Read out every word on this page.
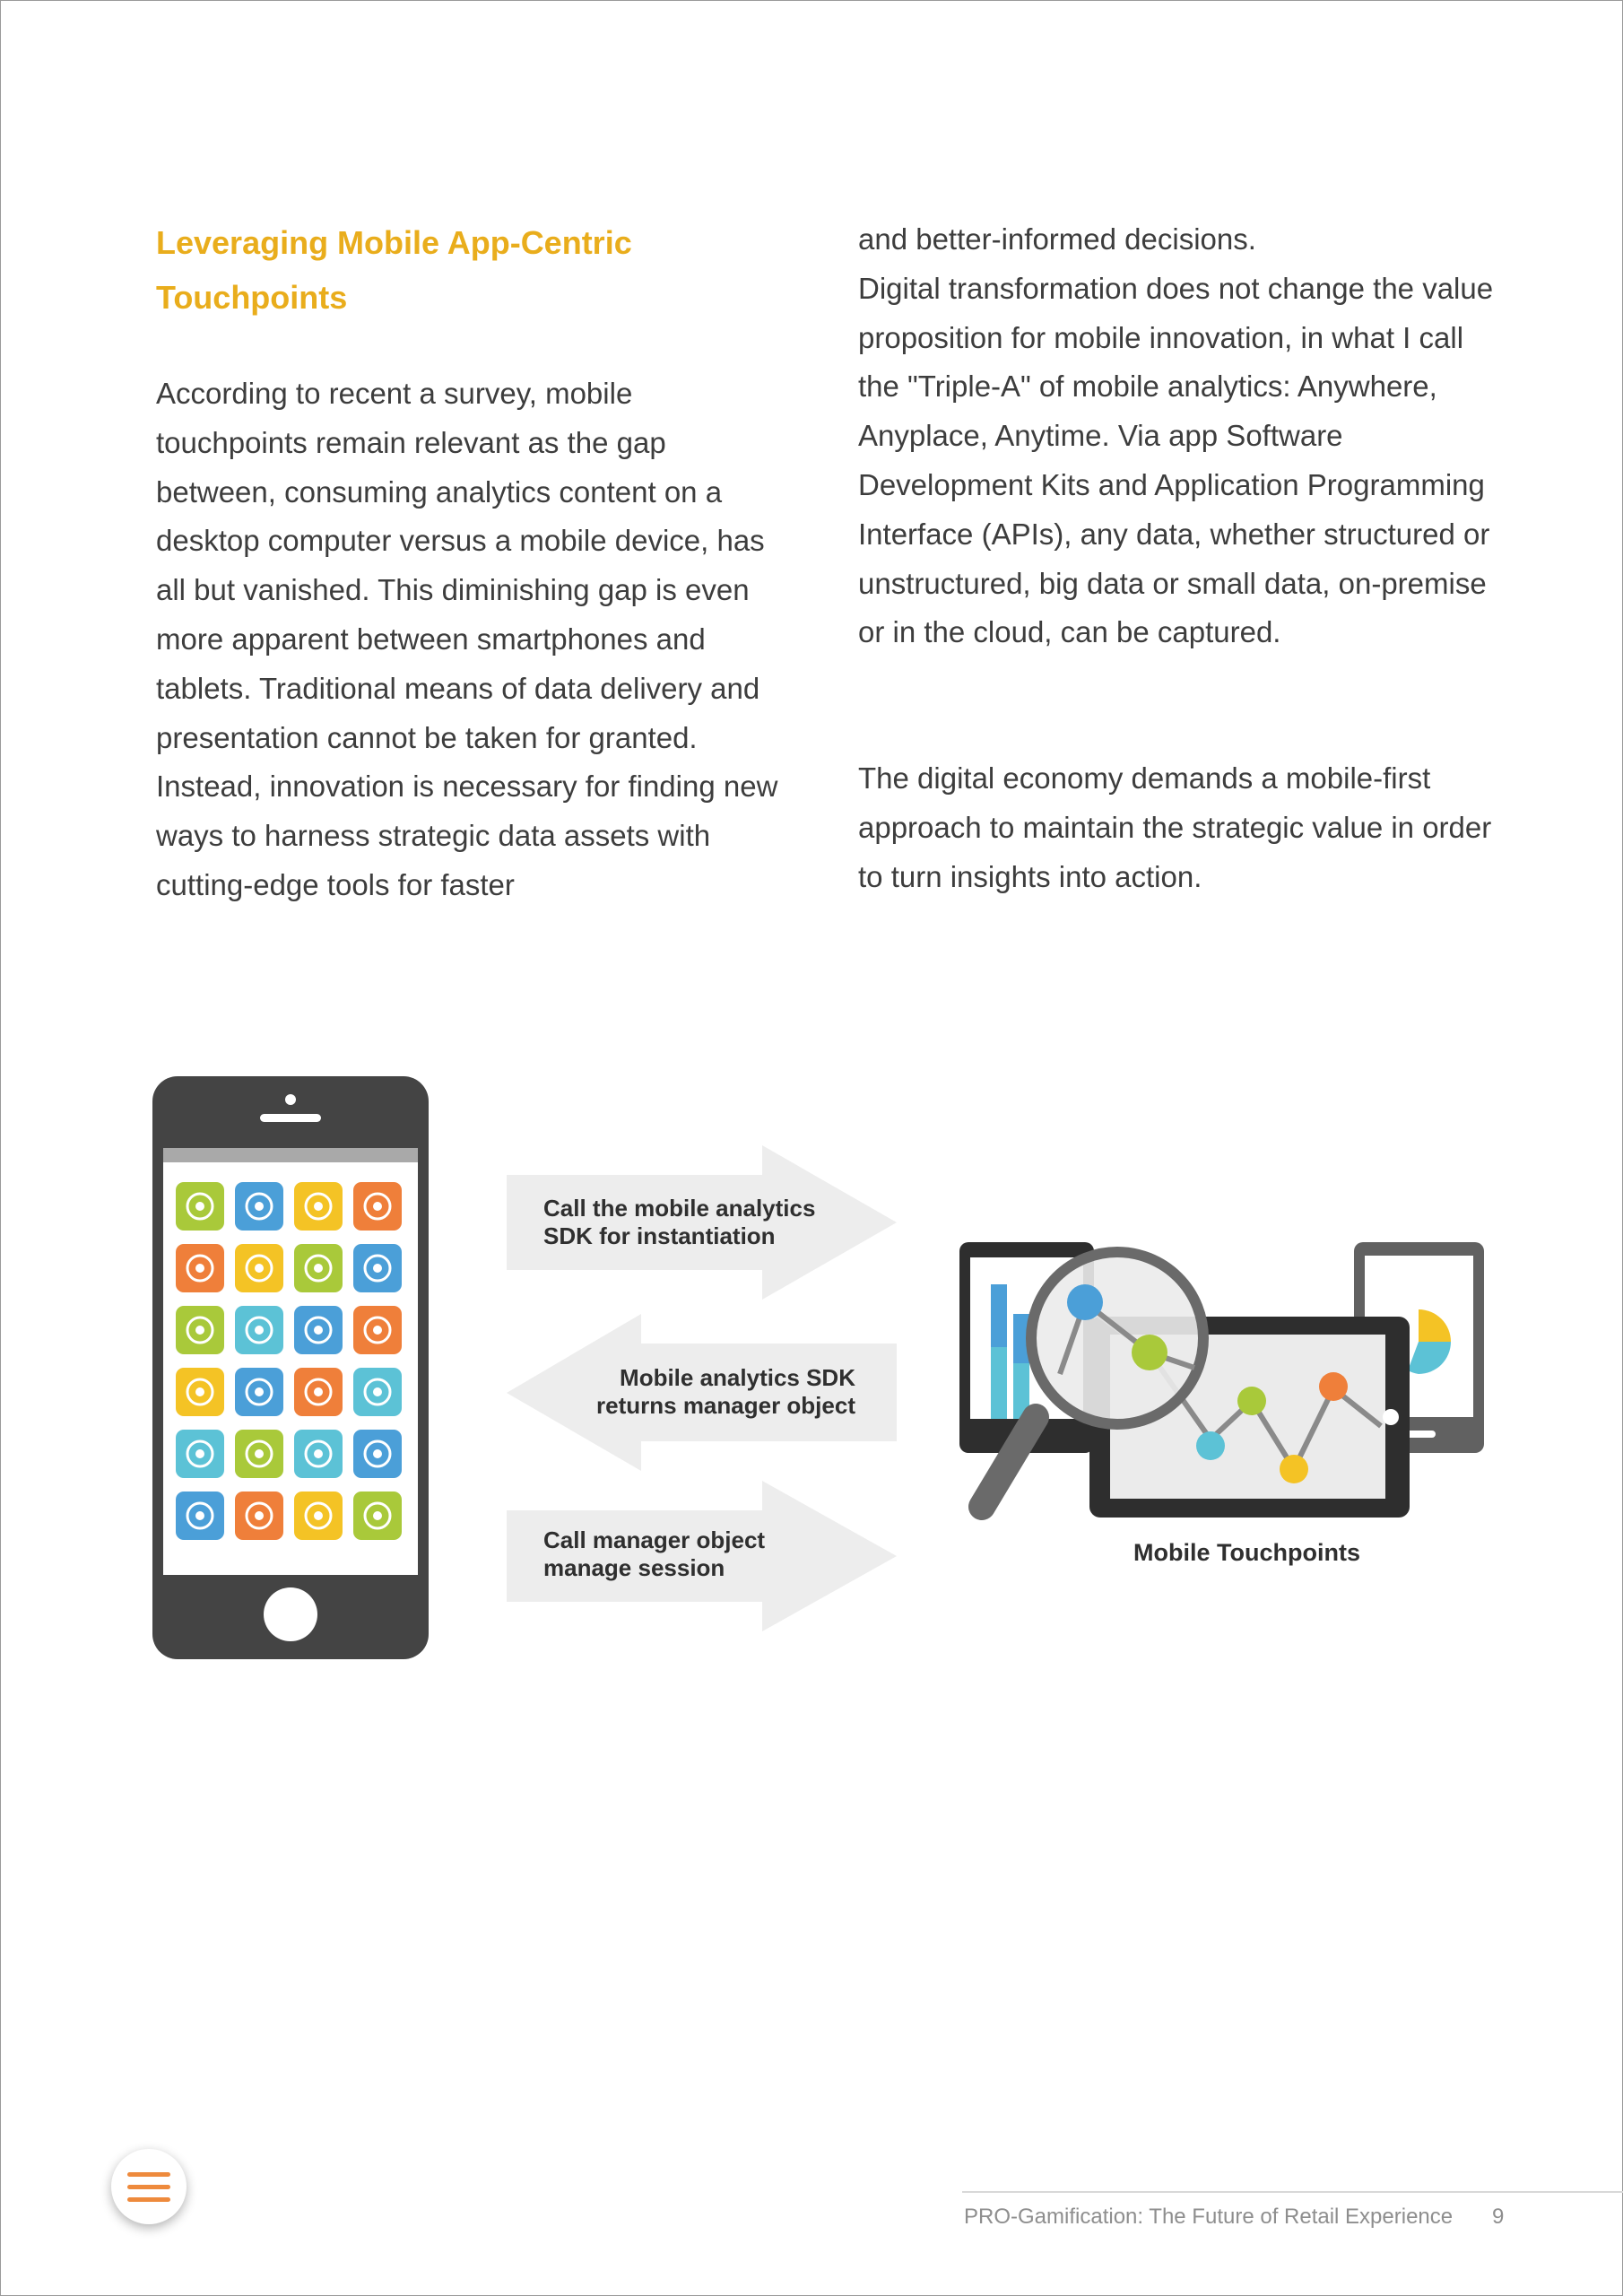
Leveraging Mobile App-Centric Touchpoints

According to recent a survey, mobile touchpoints remain relevant as the gap between, consuming analytics content on a desktop computer versus a mobile device, has all but vanished. This diminishing gap is even more apparent between smartphones and tablets. Traditional means of data delivery and presentation cannot be taken for granted. Instead, innovation is necessary for finding new ways to harness strategic data assets with cutting-edge tools for faster

and better-informed decisions.
Digital transformation does not change the value proposition for mobile innovation, in what I call the "Triple-A" of mobile analytics: Anywhere, Anyplace, Anytime. Via app Software Development Kits and Application Programming Interface (APIs), any data, whether structured or unstructured, big data or small data, on-premise or in the cloud, can be captured.

The digital economy demands a mobile-first approach to maintain the strategic value in order to turn insights into action.

Call the mobile analytics
SDK for instantiation
Mobile analytics SDK
returns manager object
Call manager object
manage session
Mobile Touchpoints
PRO-Gamification: The Future of Retail Experience 9
